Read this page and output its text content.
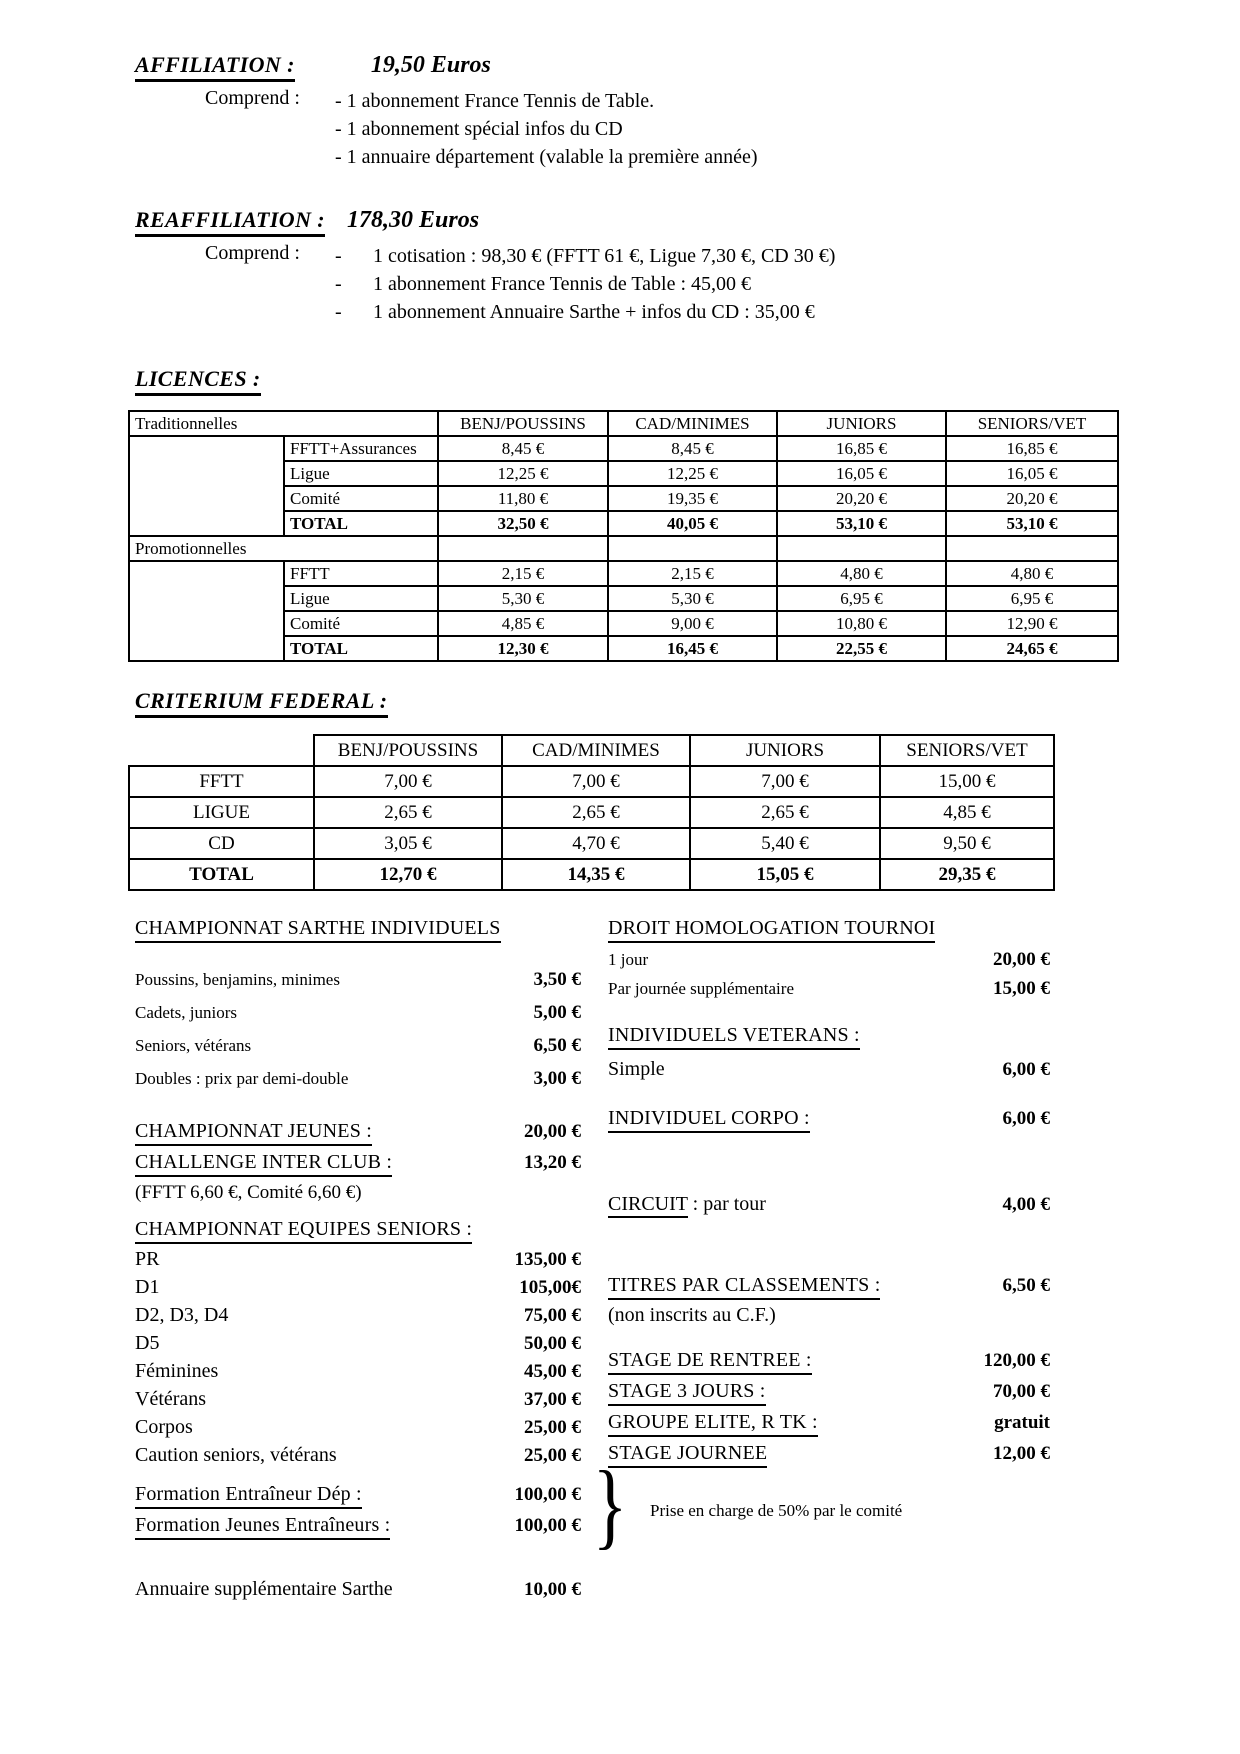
AFFILIATION :	19,50 Euros
Comprend :	- 1 abonnement France Tennis de Table.
- 1 abonnement spécial infos du CD
- 1 annuaire département (valable la première année)
REAFFILIATION : 178,30 Euros
Comprend :	-	1 cotisation : 98,30 € (FFTT 61 €, Ligue 7,30 €, CD 30 €)
-	1 abonnement France Tennis de Table : 45,00 €
-	1 abonnement Annuaire Sarthe + infos du CD : 35,00 €
LICENCES :
Traditionnelles		BENJ/POUSSINS	CAD/MINIMES	JUNIORS	SENIORS/VET
	FFTT+Assurances	8,45 €	8,45 €	16,85 €	16,85 €
	Ligue	12,25 €	12,25 €	16,05 €	16,05 €
	Comité	11,80 €	19,35 €	20,20 €	20,20 €
	TOTAL	32,50 €	40,05 €	53,10 €	53,10 €
Promotionnelles					
	FFTT	2,15 €	2,15 €	4,80 €	4,80 €
	Ligue	5,30 €	5,30 €	6,95 €	6,95 €
	Comité	4,85 €	9,00 €	10,80 €	12,90 €
	TOTAL	12,30 €	16,45 €	22,55 €	24,65 €
CRITERIUM FEDERAL :
	BENJ/POUSSINS	CAD/MINIMES	JUNIORS	SENIORS/VET
FFTT	7,00 €	7,00 €	7,00 €	15,00 €
LIGUE	2,65 €	2,65 €	2,65 €	4,85 €
CD	3,05 €	4,70 €	5,40 €	9,50 €
TOTAL	12,70 €	14,35 €	15,05 €	29,35 €
CHAMPIONNAT SARTHE INDIVIDUELS
Poussins, benjamins, minimes	3,50 €
Cadets, juniors	5,00 €
Seniors, vétérans	6,50 €
Doubles : prix par demi-double	3,00 €
CHAMPIONNAT JEUNES :	20,00 €
CHALLENGE INTER CLUB :	13,20 €
(FFTT 6,60 €, Comité 6,60 €)
CHAMPIONNAT EQUIPES SENIORS :
PR	135,00 €
D1	105,00€
D2, D3, D4	75,00 €
D5	50,00 €
Féminines	45,00 €
Vétérans	37,00 €
Corpos	25,00 €
Caution seniors, vétérans	25,00 €
Formation Entraîneur Dép :	100,00 €
Formation Jeunes Entraîneurs :	100,00 € } Prise en charge de 50% par le comité
Annuaire supplémentaire Sarthe	10,00 €
DROIT HOMOLOGATION TOURNOI
1 jour	20,00 €
Par journée supplémentaire	15,00 €
INDIVIDUELS VETERANS :
Simple	6,00 €
INDIVIDUEL CORPO :	6,00 €
CIRCUIT : par tour	4,00 €
TITRES PAR CLASSEMENTS :	6,50 €
(non inscrits au C.F.)
STAGE DE RENTREE :	120,00 €
STAGE 3 JOURS :	70,00 €
GROUPE ELITE, R TK :	gratuit
STAGE JOURNEE	12,00 €
